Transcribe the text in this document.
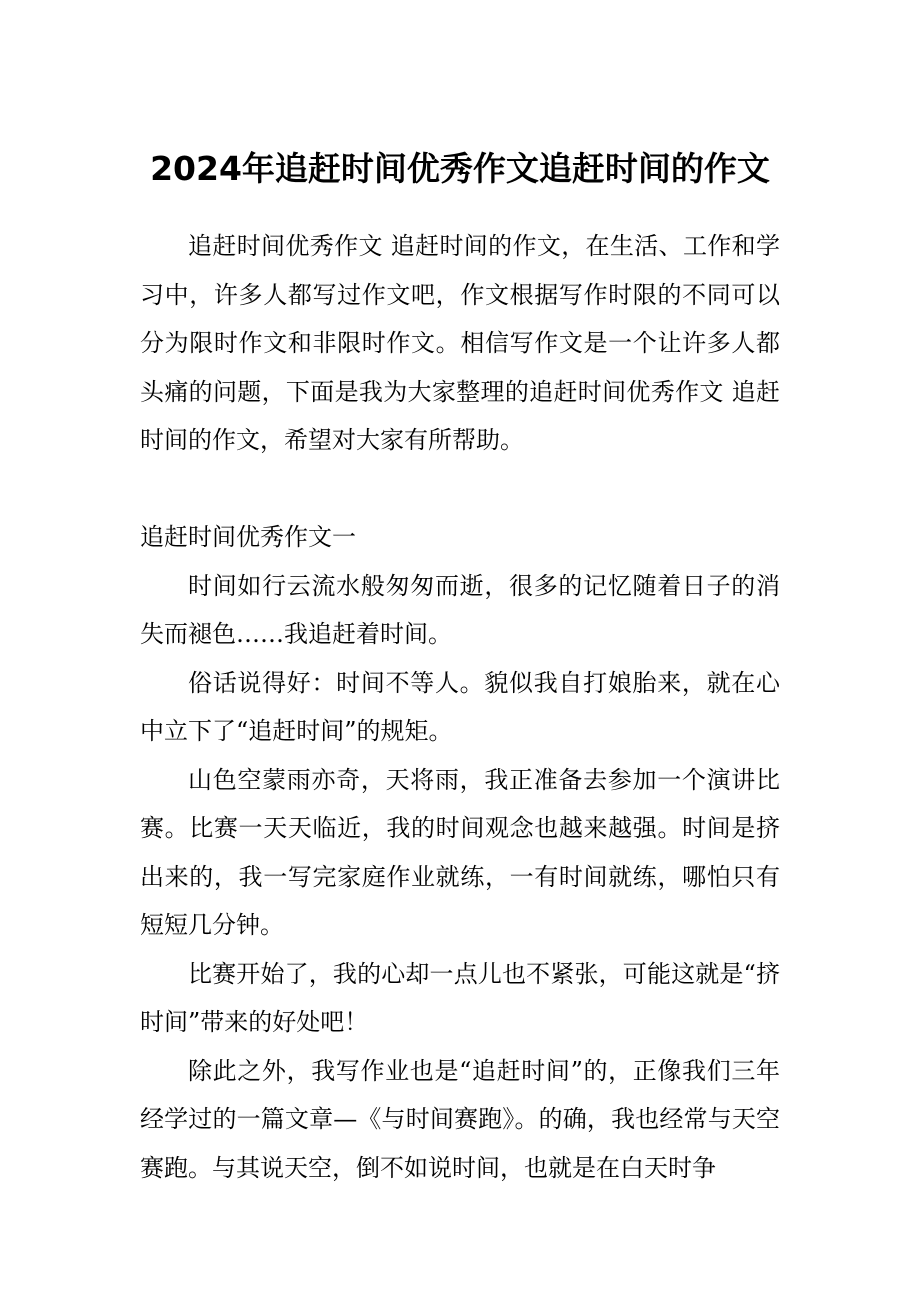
2024年追赶时间优秀作文追赶时间的作文

追赶时间优秀作文 追赶时间的作文，在生活、工作和学习中，许多人都写过作文吧，作文根据写作时限的不同可以分为限时作文和非限时作文。相信写作文是一个让许多人都头痛的问题，下面是我为大家整理的追赶时间优秀作文 追赶时间的作文，希望对大家有所帮助。

追赶时间优秀作文一

时间如行云流水般匆匆而逝，很多的记忆随着日子的消失而褪色……我追赶着时间。

俗话说得好：时间不等人。貌似我自打娘胎来，就在心中立下了“追赶时间”的规矩。

山色空蒙雨亦奇，天将雨，我正准备去参加一个演讲比赛。比赛一天天临近，我的时间观念也越来越强。时间是挤出来的，我一写完家庭作业就练，一有时间就练，哪怕只有短短几分钟。

比赛开始了，我的心却一点儿也不紧张，可能这就是“挤时间”带来的好处吧！

除此之外，我写作业也是“追赶时间”的，正像我们三年经学过的一篇文章—《与时间赛跑》。的确，我也经常与天空赛跑。与其说天空，倒不如说时间，也就是在白天时争
